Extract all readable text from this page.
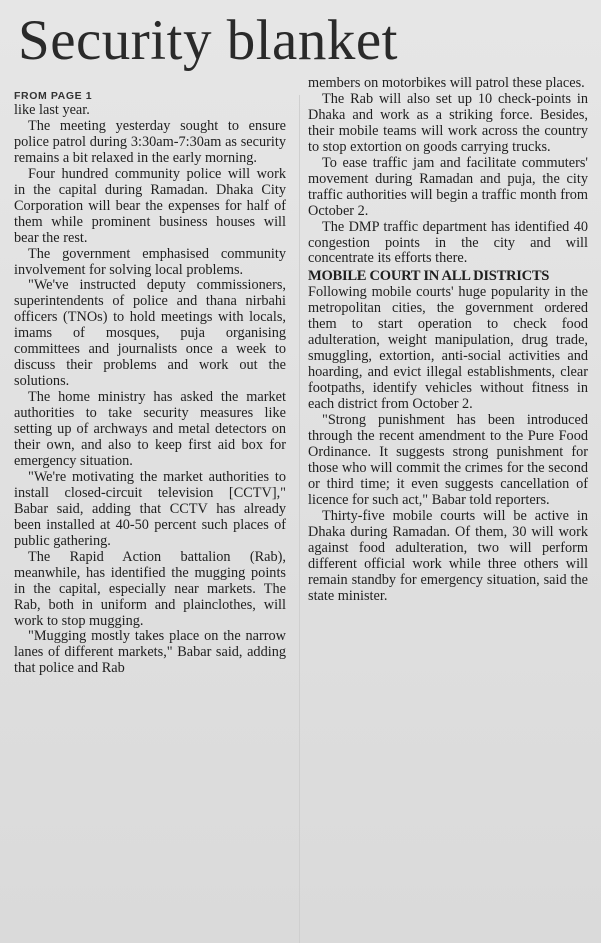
Security blanket
FROM PAGE 1

like last year.

The meeting yesterday sought to ensure police patrol during 3:30am-7:30am as security remains a bit relaxed in the early morning.

Four hundred community police will work in the capital during Ramadan. Dhaka City Corporation will bear the expenses for half of them while prominent business houses will bear the rest.

The government emphasised community involvement for solving local problems.

"We've instructed deputy commissioners, superintendents of police and thana nirbahi officers (TNOs) to hold meetings with locals, imams of mosques, puja organising committees and journalists once a week to discuss their problems and work out the solutions.

The home ministry has asked the market authorities to take security measures like setting up of archways and metal detectors on their own, and also to keep first aid box for emergency situation.

"We're motivating the market authorities to install closed-circuit television [CCTV]," Babar said, adding that CCTV has already been installed at 40-50 percent such places of public gathering.

The Rapid Action battalion (Rab), meanwhile, has identified the mugging points in the capital, especially near markets. The Rab, both in uniform and plainclothes, will work to stop mugging.

"Mugging mostly takes place on the narrow lanes of different markets," Babar said, adding that police and Rab

members on motorbikes will patrol these places.

The Rab will also set up 10 check-points in Dhaka and work as a striking force. Besides, their mobile teams will work across the country to stop extortion on goods carrying trucks.

To ease traffic jam and facilitate commuters' movement during Ramadan and puja, the city traffic authorities will begin a traffic month from October 2.

The DMP traffic department has identified 40 congestion points in the city and will concentrate its efforts there.

MOBILE COURT IN ALL DISTRICTS

Following mobile courts' huge popularity in the metropolitan cities, the government ordered them to start operation to check food adulteration, weight manipulation, drug trade, smuggling, extortion, anti-social activities and hoarding, and evict illegal establishments, clear footpaths, identify vehicles without fitness in each district from October 2.

"Strong punishment has been introduced through the recent amendment to the Pure Food Ordinance. It suggests strong punishment for those who will commit the crimes for the second or third time; it even suggests cancellation of licence for such act," Babar told reporters.

Thirty-five mobile courts will be active in Dhaka during Ramadan. Of them, 30 will work against food adulteration, two will perform different official work while three others will remain standby for emergency situation, said the state minister.
